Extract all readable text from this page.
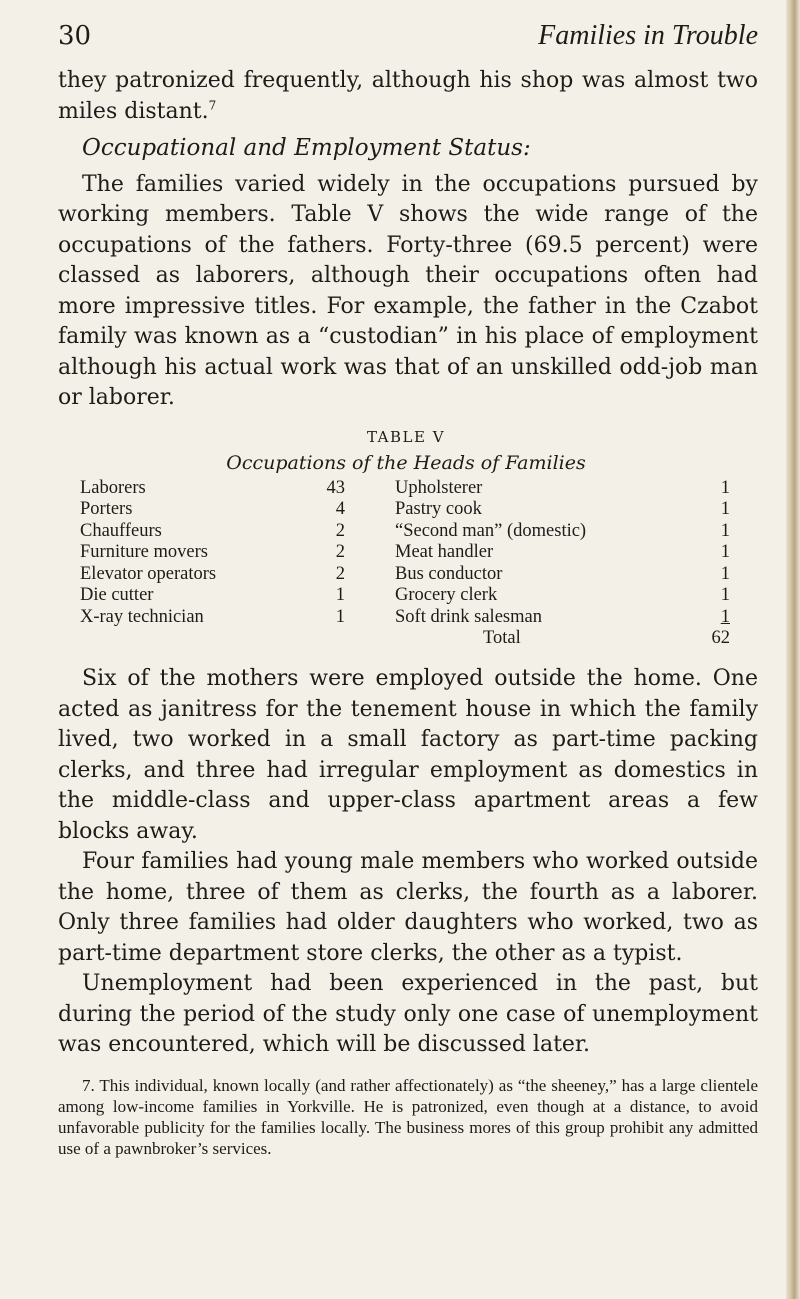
30	Families in Trouble

they patronized frequently, although his shop was almost two miles distant.$^7$

Occupational and Employment Status:

The families varied widely in the occupations pursued by working members. Table V shows the wide range of the occupations of the fathers. Forty-three (69.5 percent) were classed as laborers, although their occupations often had more impressive titles. For example, the father in the Czabot family was known as a “custodian” in his place of employment although his actual work was that of an unskilled odd-job man or laborer.

TABLE V
Occupations of the Heads of Families
Laborers	43
Porters	4
Chauffeurs	2
Furniture movers	2
Elevator operators	2
Die cutter	1
X-ray technician	1
Upholsterer	1
Pastry cook	1
“Second man” (domestic)	1
Meat handler	1
Bus conductor	1
Grocery clerk	1
Soft drink salesman	1
Total	62

Six of the mothers were employed outside the home. One acted as janitress for the tenement house in which the family lived, two worked in a small factory as part-time packing clerks, and three had irregular employment as domestics in the middle-class and upper-class apartment areas a few blocks away.

Four families had young male members who worked outside the home, three of them as clerks, the fourth as a laborer. Only three families had older daughters who worked, two as part-time department store clerks, the other as a typist.

Unemployment had been experienced in the past, but during the period of the study only one case of unemployment was encountered, which will be discussed later.

7. This individual, known locally (and rather affectionately) as “the sheeney,” has a large clientele among low-income families in Yorkville. He is patronized, even though at a distance, to avoid unfavorable publicity for the families locally. The business mores of this group prohibit any admitted use of a pawnbroker’s services.
